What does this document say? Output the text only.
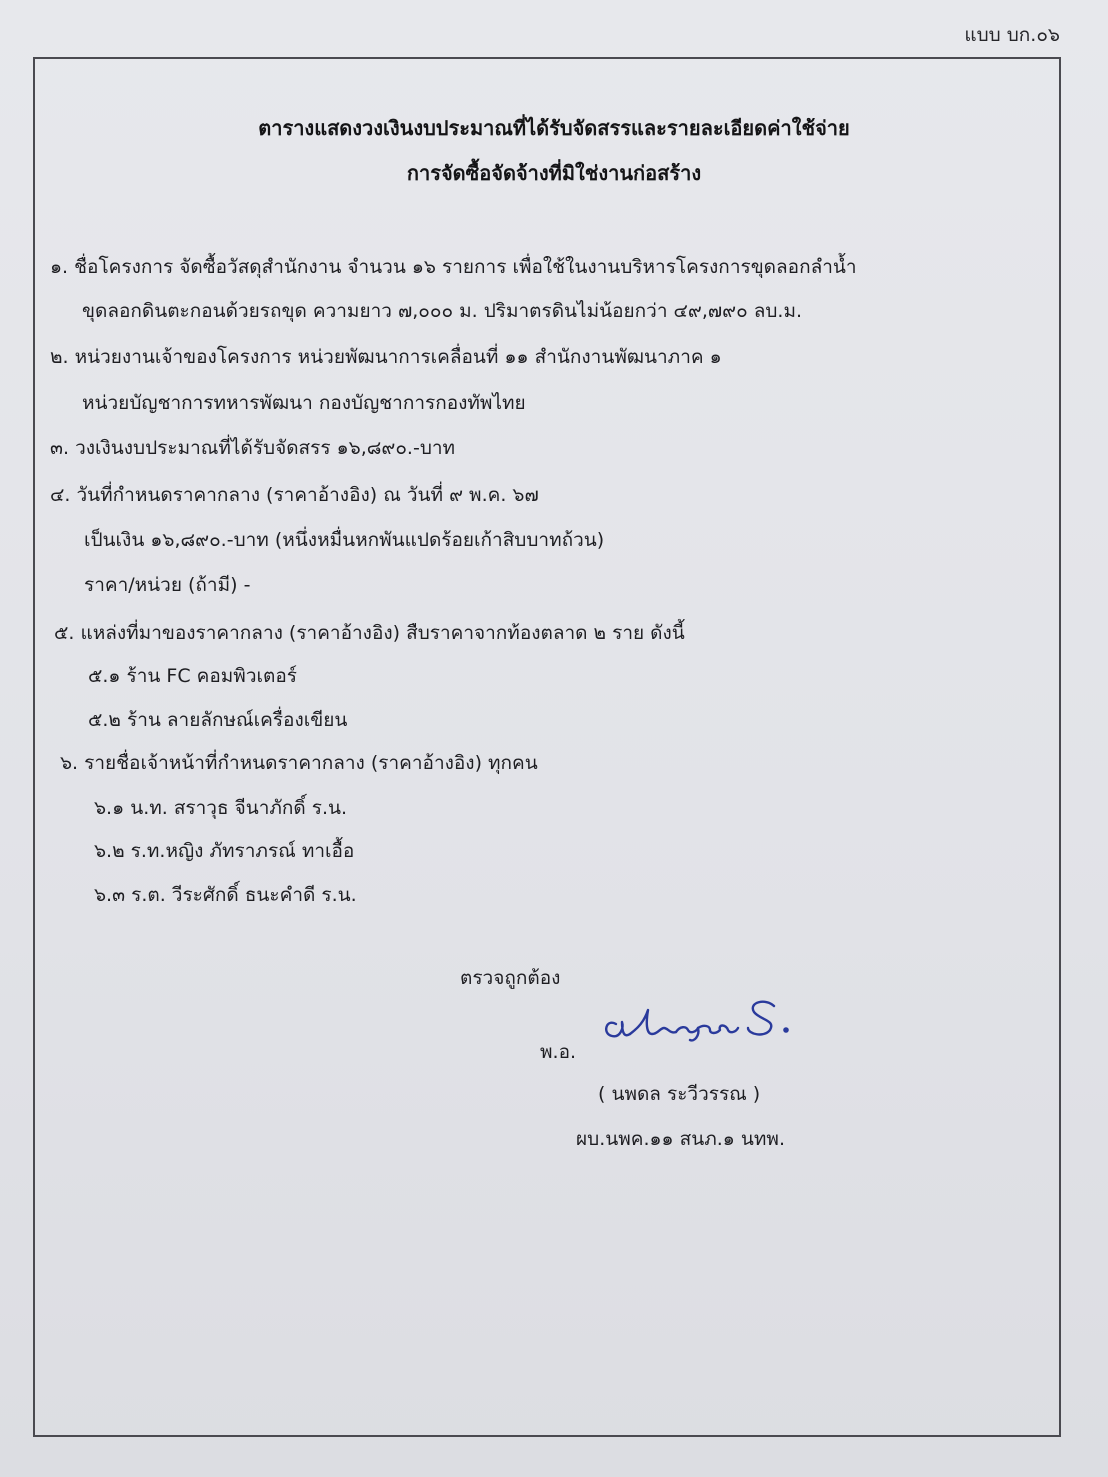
แบบ บก.๐๖
ตารางแสดงวงเงินงบประมาณที่ได้รับจัดสรรและรายละเอียดค่าใช้จ่าย
การจัดซื้อจัดจ้างที่มิใช่งานก่อสร้าง
๑. ชื่อโครงการ จัดซื้อวัสดุสำนักงาน จำนวน ๑๖ รายการ เพื่อใช้ในงานบริหารโครงการขุดลอกลำน้ำ
ขุดลอกดินตะกอนด้วยรถขุด ความยาว ๗,๐๐๐ ม. ปริมาตรดินไม่น้อยกว่า ๔๙,๗๙๐ ลบ.ม.
๒. หน่วยงานเจ้าของโครงการ หน่วยพัฒนาการเคลื่อนที่ ๑๑ สำนักงานพัฒนาภาค ๑
หน่วยบัญชาการทหารพัฒนา กองบัญชาการกองทัพไทย
๓. วงเงินงบประมาณที่ได้รับจัดสรร ๑๖,๘๙๐.-บาท
๔. วันที่กำหนดราคากลาง (ราคาอ้างอิง) ณ วันที่ ๙ พ.ค. ๖๗
เป็นเงิน ๑๖,๘๙๐.-บาท (หนึ่งหมื่นหกพันแปดร้อยเก้าสิบบาทถ้วน)
ราคา/หน่วย (ถ้ามี) -
๕. แหล่งที่มาของราคากลาง (ราคาอ้างอิง) สืบราคาจากท้องตลาด ๒ ราย ดังนี้
๕.๑ ร้าน FC คอมพิวเตอร์
๕.๒ ร้าน ลายลักษณ์เครื่องเขียน
๖. รายชื่อเจ้าหน้าที่กำหนดราคากลาง (ราคาอ้างอิง) ทุกคน
๖.๑ น.ท. สราวุธ จีนาภักดิ์ ร.น.
๖.๒ ร.ท.หญิง ภัทราภรณ์ ทาเอื้อ
๖.๓ ร.ต. วีระศักดิ์ ธนะคำดี ร.น.
ตรวจถูกต้อง
พ.อ.
( นพดล ระวีวรรณ )
ผบ.นพค.๑๑ สนภ.๑ นทพ.
